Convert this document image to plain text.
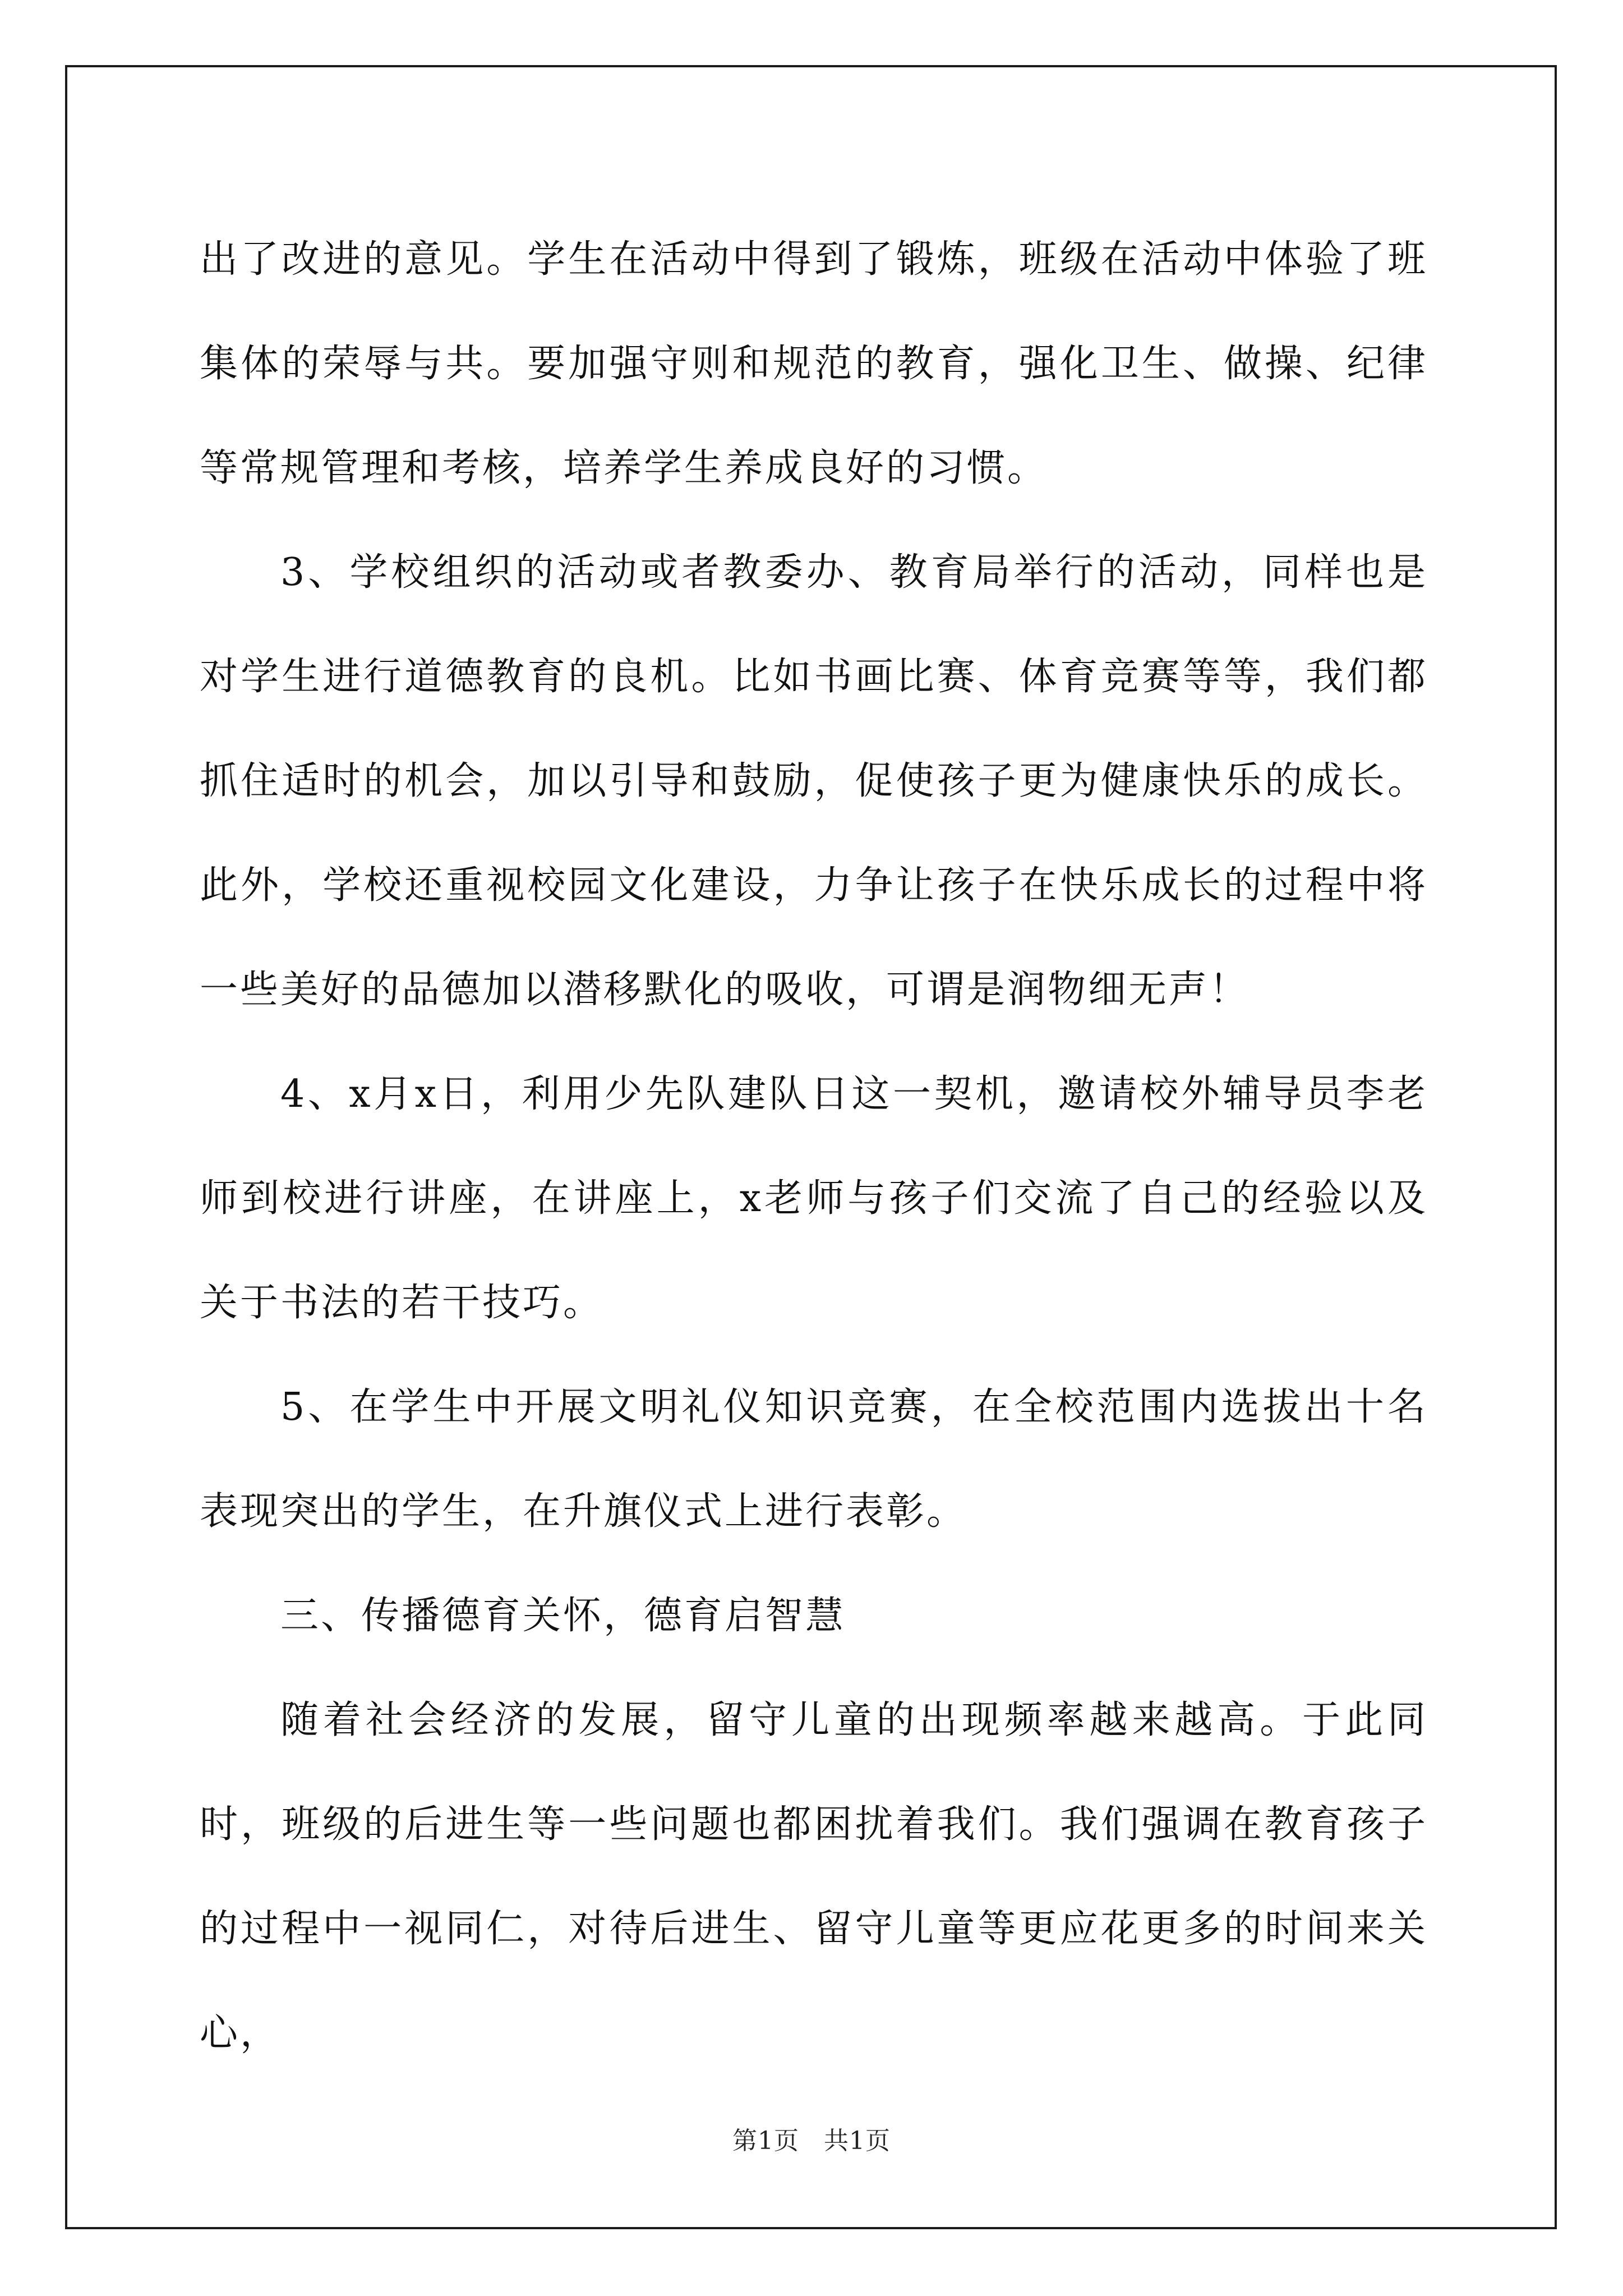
出了改进的意见。学生在活动中得到了锻炼，班级在活动中体验了班集体的荣辱与共。要加强守则和规范的教育，强化卫生、做操、纪律等常规管理和考核，培养学生养成良好的习惯。

3、学校组织的活动或者教委办、教育局举行的活动，同样也是对学生进行道德教育的良机。比如书画比赛、体育竞赛等等，我们都抓住适时的机会，加以引导和鼓励，促使孩子更为健康快乐的成长。此外，学校还重视校园文化建设，力争让孩子在快乐成长的过程中将一些美好的品德加以潜移默化的吸收，可谓是润物细无声！

4、x月x日，利用少先队建队日这一契机，邀请校外辅导员李老师到校进行讲座，在讲座上，x老师与孩子们交流了自己的经验以及关于书法的若干技巧。

5、在学生中开展文明礼仪知识竞赛，在全校范围内选拔出十名表现突出的学生，在升旗仪式上进行表彰。

三、传播德育关怀，德育启智慧

随着社会经济的发展，留守儿童的出现频率越来越高。于此同时，班级的后进生等一些问题也都困扰着我们。我们强调在教育孩子的过程中一视同仁，对待后进生、留守儿童等更应花更多的时间来关心，

第1页 共1页
